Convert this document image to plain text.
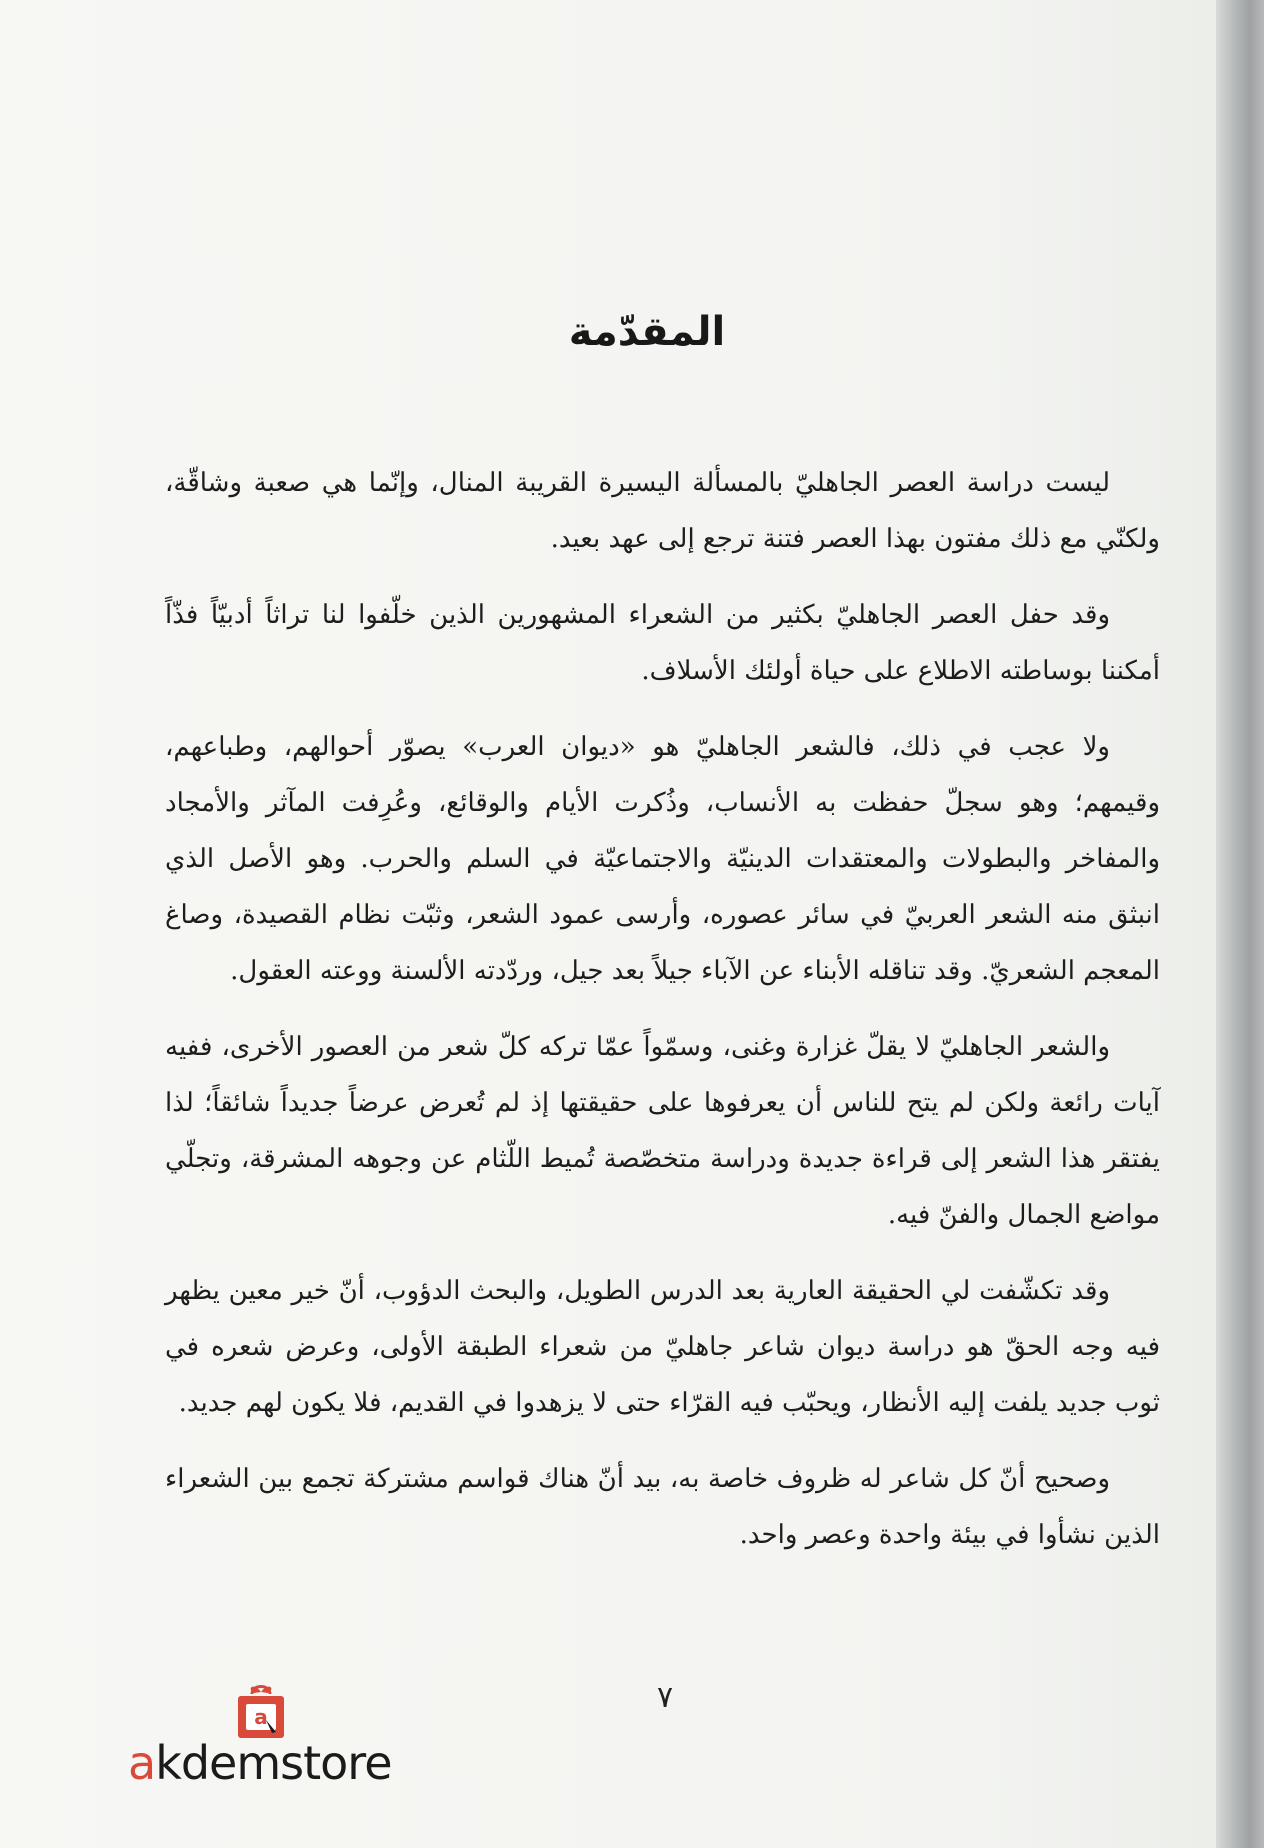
المقدّمة

ليست دراسة العصر الجاهليّ بالمسألة اليسيرة القريبة المنال، وإنّما هي صعبة وشاقّة، ولكنّي مع ذلك مفتون بهذا العصر فتنة ترجع إلى عهد بعيد.

وقد حفل العصر الجاهليّ بكثير من الشعراء المشهورين الذين خلّفوا لنا تراثاً أدبيّاً فذّاً أمكننا بوساطته الاطلاع على حياة أولئك الأسلاف.

ولا عجب في ذلك، فالشعر الجاهليّ هو «ديوان العرب» يصوّر أحوالهم، وطباعهم، وقيمهم؛ وهو سجلّ حفظت به الأنساب، وذُكرت الأيام والوقائع، وعُرِفت المآثر والأمجاد والمفاخر والبطولات والمعتقدات الدينيّة والاجتماعيّة في السلم والحرب. وهو الأصل الذي انبثق منه الشعر العربيّ في سائر عصوره، وأرسى عمود الشعر، وثبّت نظام القصيدة، وصاغ المعجم الشعريّ. وقد تناقله الأبناء عن الآباء جيلاً بعد جيل، وردّدته الألسنة ووعته العقول.

والشعر الجاهليّ لا يقلّ غزارة وغنى، وسمّواً عمّا تركه كلّ شعر من العصور الأخرى، ففيه آيات رائعة ولكن لم يتح للناس أن يعرفوها على حقيقتها إذ لم تُعرض عرضاً جديداً شائقاً؛ لذا يفتقر هذا الشعر إلى قراءة جديدة ودراسة متخصّصة تُميط اللّثام عن وجوهه المشرقة، وتجلّي مواضع الجمال والفنّ فيه.

وقد تكشّفت لي الحقيقة العارية بعد الدرس الطويل، والبحث الدؤوب، أنّ خير معين يظهر فيه وجه الحقّ هو دراسة ديوان شاعر جاهليّ من شعراء الطبقة الأولى، وعرض شعره في ثوب جديد يلفت إليه الأنظار، ويحبّب فيه القرّاء حتى لا يزهدوا في القديم، فلا يكون لهم جديد.

وصحيح أنّ كل شاعر له ظروف خاصة به، بيد أنّ هناك قواسم مشتركة تجمع بين الشعراء الذين نشأوا في بيئة واحدة وعصر واحد.

٧
a
akdemstore
